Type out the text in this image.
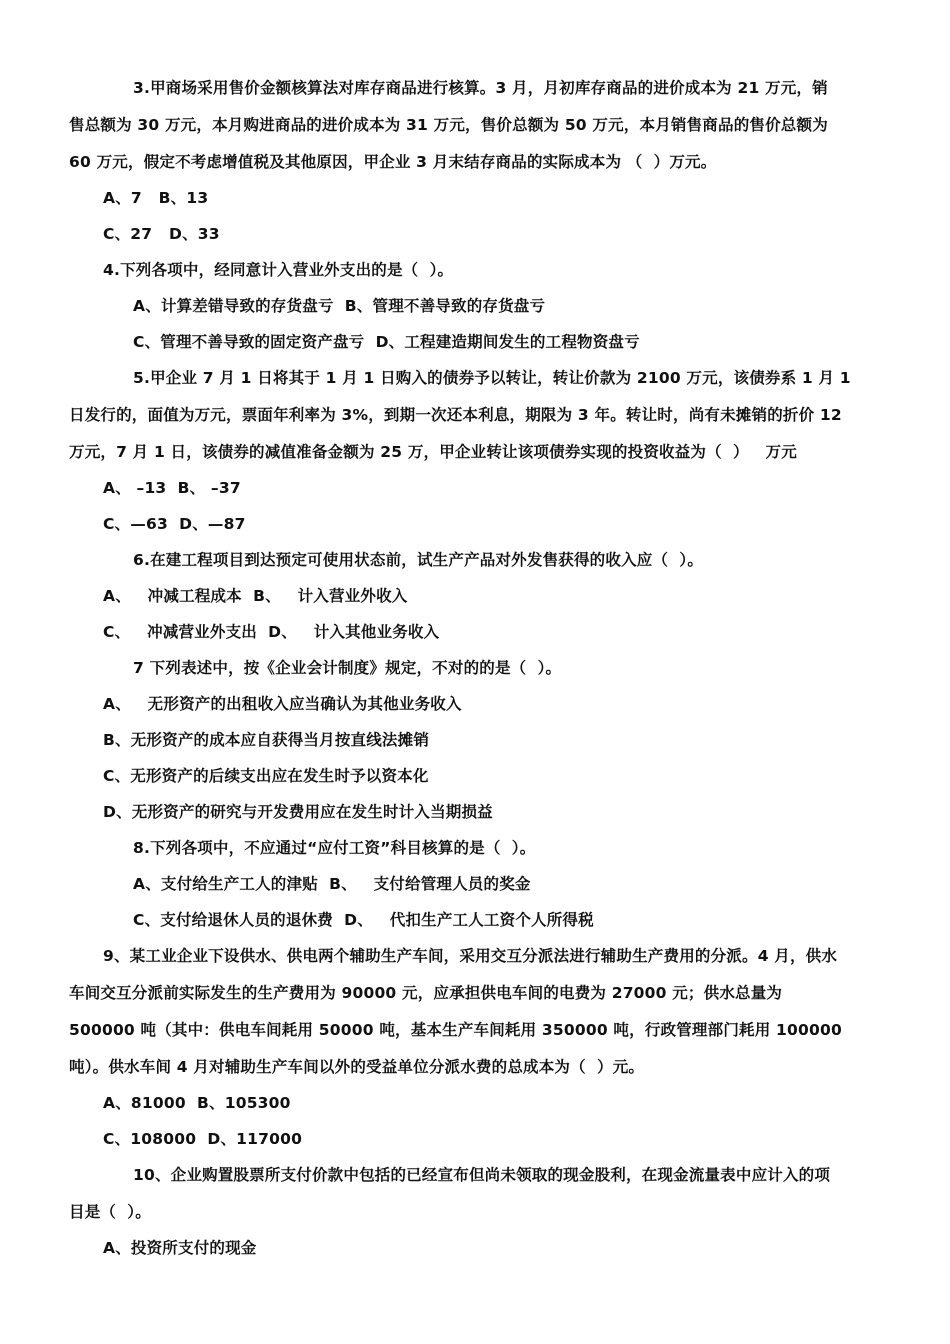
3.甲商场采用售价金额核算法对库存商品进行核算。3 月，月初库存商品的进价成本为 21 万元，销
售总额为 30 万元，本月购进商品的进价成本为 31 万元，售价总额为 50 万元，本月销售商品的售价总额为
60 万元，假定不考虑增值税及其他原因，甲企业 3 月末结存商品的实际成本为 （  ）万元。
A、7   B、13
C、27   D、33
4.下列各项中，经同意计入营业外支出的是（  ）。
A、计算差错导致的存货盘亏  B、管理不善导致的存货盘亏
C、管理不善导致的固定资产盘亏  D、工程建造期间发生的工程物资盘亏
5.甲企业 7 月 1 日将其于 1 月 1 日购入的债券予以转让，转让价款为 2100 万元，该债券系 1 月 1
日发行的，面值为万元，票面年利率为 3%，到期一次还本利息，期限为 3 年。转让时，尚有未摊销的折价 12
万元，7 月 1 日，该债券的减值准备金额为 25 万，甲企业转让该项债券实现的投资收益为（  ）   万元
A、 –13  B、 –37
C、—63  D、—87
6.在建工程项目到达预定可使用状态前，试生产产品对外发售获得的收入应（  ）。
A、   冲减工程成本  B、   计入营业外收入
C、   冲减营业外支出  D、   计入其他业务收入
7 下列表述中，按《企业会计制度》规定，不对的的是（  ）。
A、   无形资产的出租收入应当确认为其他业务收入
B、无形资产的成本应自获得当月按直线法摊销
C、无形资产的后续支出应在发生时予以资本化
D、无形资产的研究与开发费用应在发生时计入当期损益
8.下列各项中，不应通过“应付工资”科目核算的是（  ）。
A、支付给生产工人的津贴  B、   支付给管理人员的奖金
C、支付给退休人员的退休费  D、   代扣生产工人工资个人所得税
9、某工业企业下设供水、供电两个辅助生产车间，采用交互分派法进行辅助生产费用的分派。4 月，供水
车间交互分派前实际发生的生产费用为 90000 元，应承担供电车间的电费为 27000 元；供水总量为
500000 吨（其中：供电车间耗用 50000 吨，基本生产车间耗用 350000 吨，行政管理部门耗用 100000
吨）。供水车间 4 月对辅助生产车间以外的受益单位分派水费的总成本为（  ）元。
A、81000  B、105300
C、108000  D、117000
10、企业购置股票所支付价款中包括的已经宣布但尚未领取的现金股利，在现金流量表中应计入的项
目是（  ）。
A、投资所支付的现金
